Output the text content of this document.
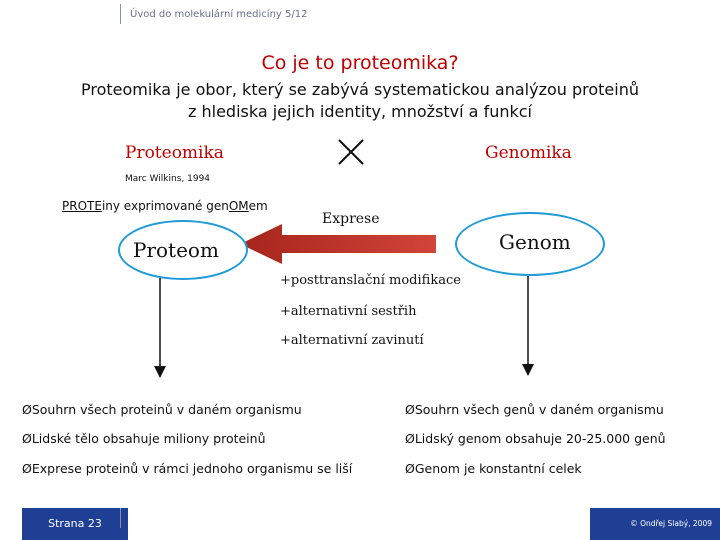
Úvod do molekulární medicíny 5/12
Co je to proteomika?
Proteomika je obor, který se zabývá systematickou analýzou proteinů
z hlediska jejich identity, množství a funkcí
Proteomika	Genomika
Marc Wilkins, 1994
PROTEiny exprimované genOMem
Exprese
Proteom	Genom
+posttranslační modifikace
+alternativní sestřih
+alternativní zavinutí
ØSouhrn všech proteinů v daném organismu
ØLidské tělo obsahuje miliony proteinů
ØExprese proteinů v rámci jednoho organismu se liší
ØSouhrn všech genů v daném organismu
ØLidský genom obsahuje 20-25.000 genů
ØGenom je konstantní celek
Strana 23	© Ondřej Slabý, 2009
